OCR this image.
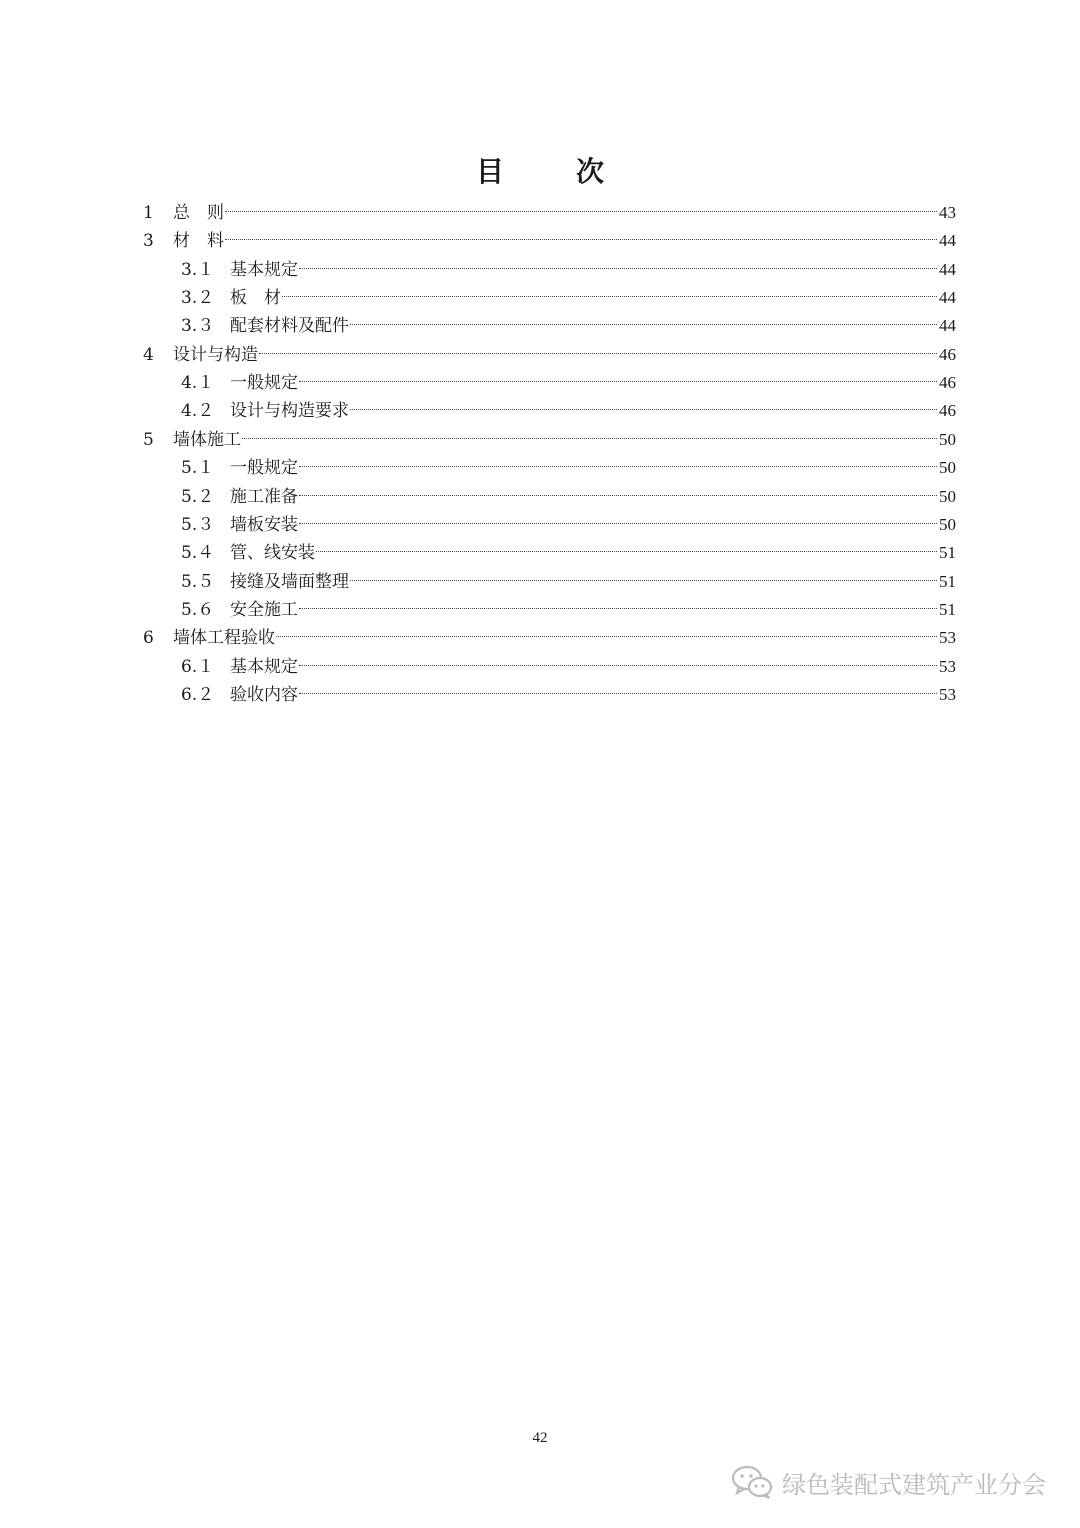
目　次
1 总　则	43
3 材　料	44
3.１ 基本规定	44
3.２ 板　材	44
3.３ 配套材料及配件	44
4 设计与构造	46
4.１ 一般规定	46
4.２ 设计与构造要求	46
5 墙体施工	50
5.１ 一般规定	50
5.２ 施工准备	50
5.３ 墙板安装	50
5.４ 管、线安装	51
5.５ 接缝及墙面整理	51
5.６ 安全施工	51
6 墙体工程验收	53
6.１ 基本规定	53
6.２ 验收内容	53
42
绿色装配式建筑产业分会
